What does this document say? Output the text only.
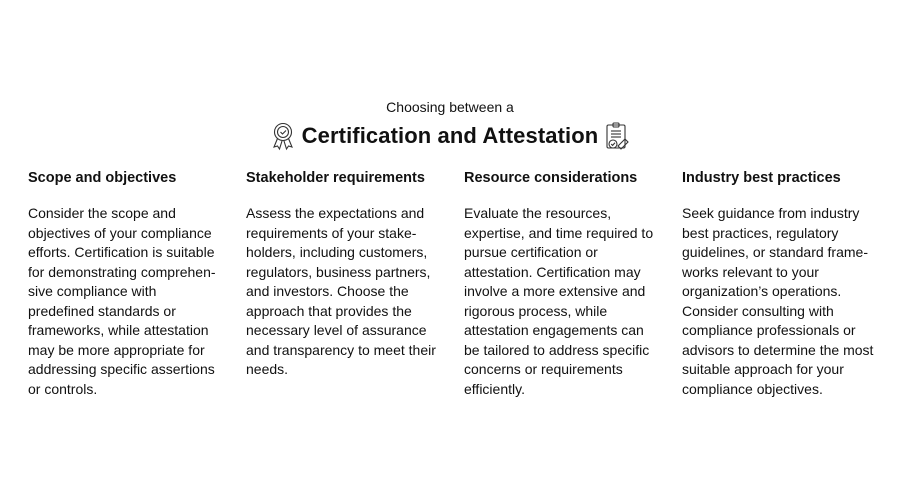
Choosing between a
Certification and Attestation
Scope and objectives

Consider the scope and objectives of your compliance efforts. Certification is suitable for demonstrating comprehen-sive compliance with predefined standards or frameworks, while attestation may be more appropriate for addressing specific assertions or controls.

Stakeholder requirements

Assess the expectations and requirements of your stake-holders, including customers, regulators, business partners, and investors. Choose the approach that provides the necessary level of assurance and transparency to meet their needs.

Resource considerations

Evaluate the resources, expertise, and time required to pursue certification or attestation. Certification may involve a more extensive and rigorous process, while attestation engagements can be tailored to address specific concerns or requirements efficiently.

Industry best practices

Seek guidance from industry best practices, regulatory guidelines, or standard frame-works relevant to your organization’s operations. Consider consulting with compliance professionals or advisors to determine the most suitable approach for your compliance objectives.
